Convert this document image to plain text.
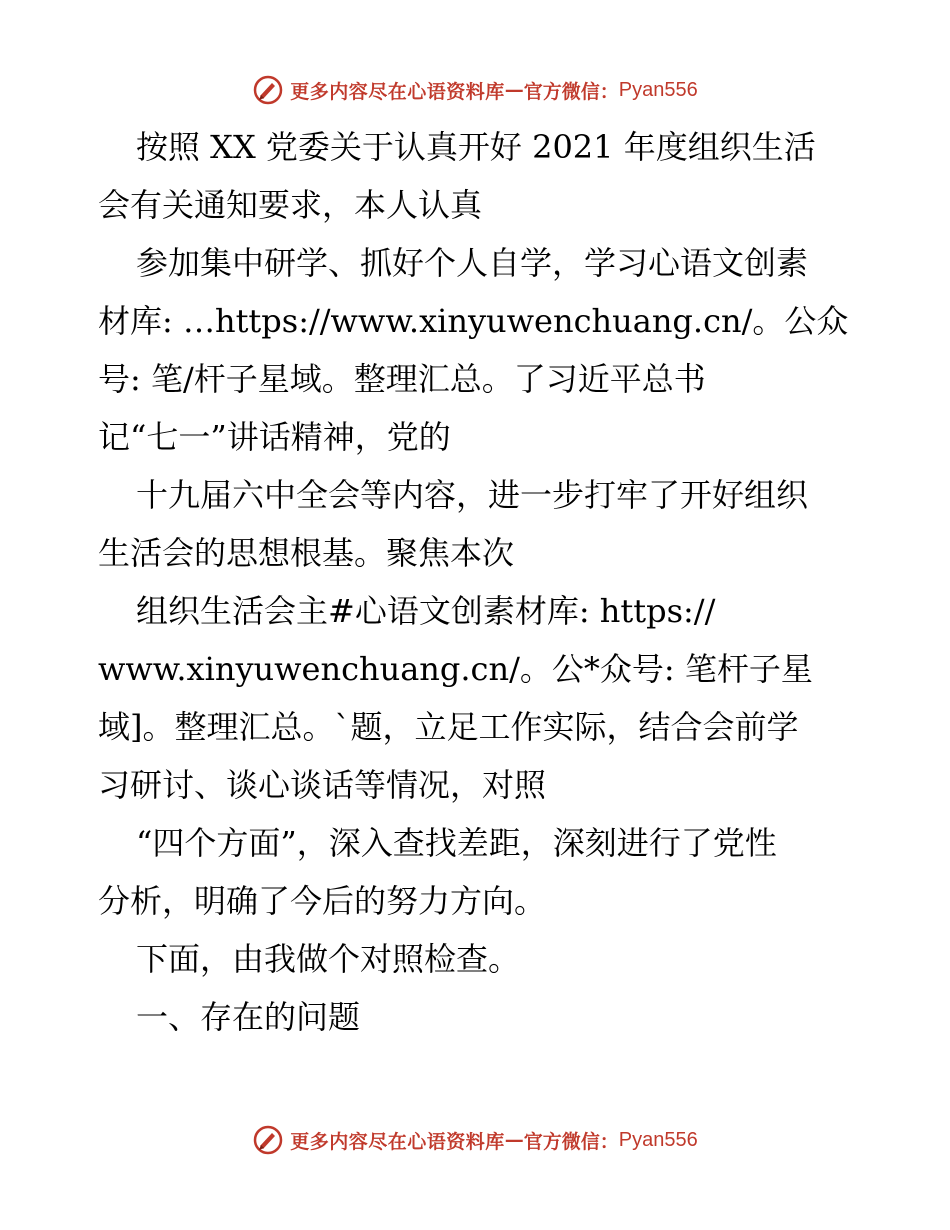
更多内容尽在心语资料库 — 官方微信： Pyan556
按照 XX 党委关于认真开好 2021 年度组织生活
会有关通知要求，本人认真
参加集中研学、抓好个人自学，学习心语文创素
材库: …https://www.xinyuwenchuang.cn/。公众
号: 笔/杆子星域。整理汇总。了习近平总书
记“七一”讲话精神，党的
十九届六中全会等内容，进一步打牢了开好组织
生活会的思想根基。聚焦本次
组织生活会主#心语文创素材库: https://
www.xinyuwenchuang.cn/。公*众号: 笔杆子星
域]。整理汇总。`题，立足工作实际，结合会前学
习研讨、谈心谈话等情况，对照
“四个方面”，深入查找差距，深刻进行了党性
分析，明确了今后的努力方向。
下面，由我做个对照检查。
一、存在的问题
更多内容尽在心语资料库 — 官方微信： Pyan556
